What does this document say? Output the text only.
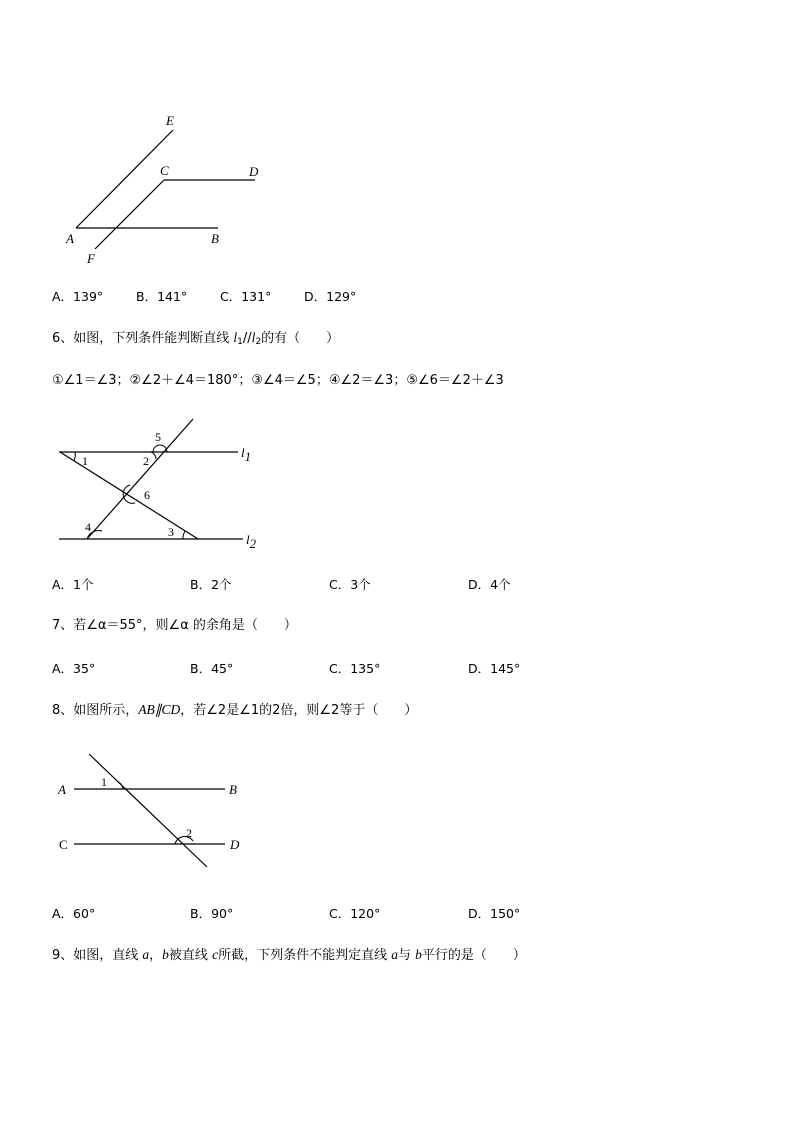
E
C	D
A	B
F
A．139°	B．141°	C．131°	D．129°
6、如图，下列条件能判断直线 l1//l2的有（　　）
①∠1＝∠3；②∠2＋∠4＝180°；③∠4＝∠5；④∠2＝∠3；⑤∠6＝∠2＋∠3
1	2
5
6
4	3
l1
l2
A．1个	B．2个	C．3个	D．4个
7、若∠α＝55°，则∠α 的余角是（　　）
A．35°	B．45°	C．135°	D．145°
8、如图所示，AB∥CD，若∠2是∠1的2倍，则∠2等于（　　）
A	B
C	D
1
2
A．60°	B．90°	C．120°	D．150°
9、如图，直线 a，b被直线 c所截，下列条件不能判定直线 a与 b平行的是（　　）
